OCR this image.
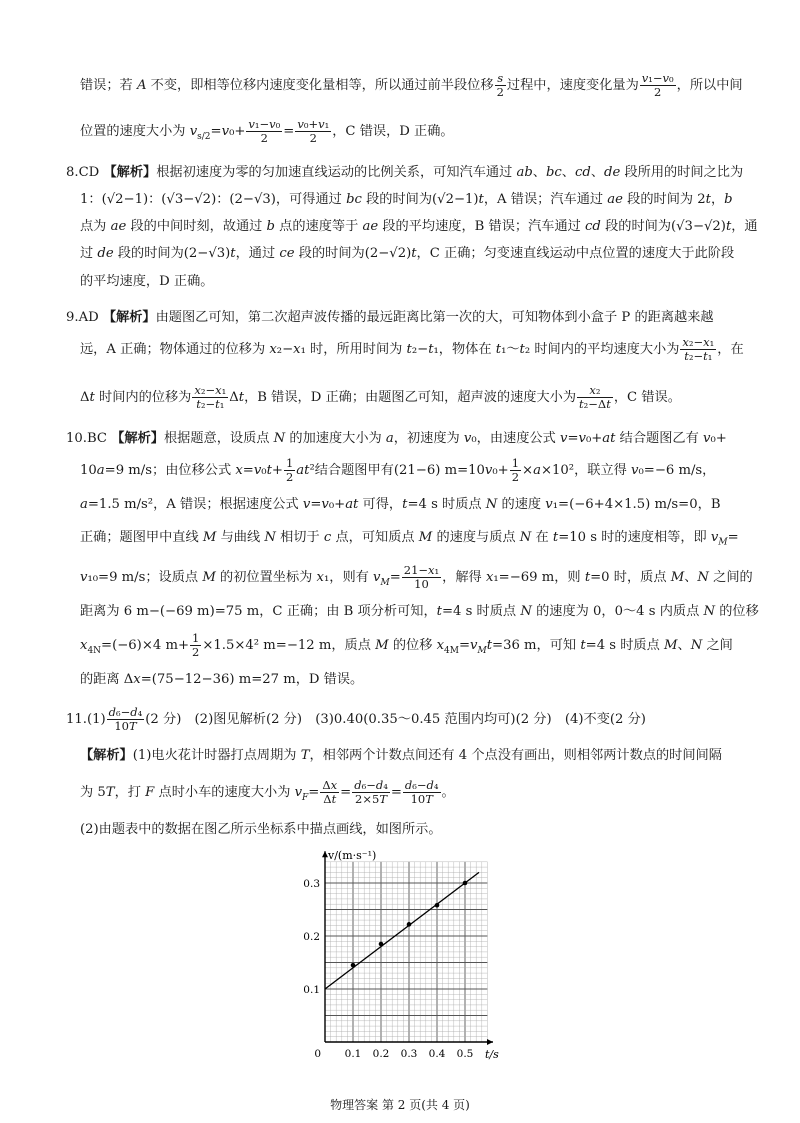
错误；若 A 不变，即相等位移内速度变化量相等，所以通过前半段位移 $\frac{s}{2}$ 过程中，速度变化量为 $\frac{\text{v₁−v₀}}{2}$ ，所以中间
位置的速度大小为 $v_{s/2}=v_0+ \frac{\text{v₁−v₀}}{2} = \frac{\text{v₀+v₁}}{2}$ ，C 错误，D 正确。
8.CD 【解析】根据初速度为零的匀加速直线运动的比例关系，可知汽车通过 ab、bc、cd、de 段所用的时间之比为
1：(√2−1)：(√3−√2)：(2−√3)，可得通过 bc 段的时间为(√2−1)t，A 错误；汽车通过 ae 段的时间为 2t，b
点为 ae 段的中间时刻，故通过 b 点的速度等于 ae 段的平均速度，B 错误；汽车通过 cd 段的时间为(√3−√2)t，通
过 de 段的时间为(2−√3)t，通过 ce 段的时间为(2−√2)t，C 正确；匀变速直线运动中点位置的速度大于此阶段
的平均速度，D 正确。
9.AD 【解析】由题图乙可知，第二次超声波传播的最远距离比第一次的大，可知物体到小盒子 P 的距离越来越
远，A 正确；物体通过的位移为 x₂−x₁ 时，所用时间为 t₂−t₁，物体在 t₁～t₂ 时间内的平均速度大小为 $\frac{\text{x₂−x₁}}{\text{t₂−t₁}}$ ，在
Δt 时间内的位移为 $\frac{\text{x₂−x₁}}{\text{t₂−t₁}}$ Δt，B 错误，D 正确；由题图乙可知，超声波的速度大小为 $\frac{\text{x₂}}{\text{t₂−Δt}}$ ，C 错误。
10.BC 【解析】根据题意，设质点 N 的加速度大小为 a，初速度为 v₀，由速度公式 v=v₀+at 结合题图乙有 v₀+
10a=9 m/s；由位移公式 $x=v_0t+ \frac{1}{2} at^2$结合题图甲有(21−6) $m=10v_0+ \frac{1}{2} \times a\times 10^2$，联立得 v₀=−6 m/s，
a=1.5 m/s²，A 错误；根据速度公式 v=v₀+at 可得，t=4 s 时质点 N 的速度 v₁=(−6+4×1.5) m/s=0，B
正确；题图甲中直线 M 与曲线 N 相切于 c 点，可知质点 M 的速度与质点 N 在 t=10 s 时的速度相等，即 $v_M=$
v₁₀=9 m/s；设质点 M 的初位置坐标为 x₁，则有 $v_M= \frac{\text{21−x₁}}{10}$ ，解得 x₁=−69 m，则 t=0 时，质点 M、N 之间的
距离为 6 m−(−69 m)=75 m，C 正确；由 B 项分析可知，t=4 s 时质点 N 的速度为 0，0～4 s 内质点 N 的位移
$x_{4N}=(-6)\times 4$ $m+ \frac{1}{2} \times 1.5\times 4^2$ m=−12 m，质点 M 的位移 $x_{4M}=v_Mt=36$ m，可知 t=4 s 时质点 M、N 之间
的距离 Δx=(75−12−36) m=27 m，D 错误。
$11.(1) \frac{\text{d₆−d₄}}{10T} (2$ 分)　(2)图见解析(2 分)　(3)0.40(0.35～0.45 范围内均可)(2 分)　(4)不变(2 分)
【解析】(1)电火花计时器打点周期为 T，相邻两个计数点间还有 4 个点没有画出，则相邻两计数点的时间间隔
为 5T，打 F 点时小车的速度大小为 $v_F= \frac{\Delta x}{\Delta t} = \frac{\text{d₆−d₄}}{2\times 5T} = \frac{\text{d₆−d₄}}{10T}$ 。
(2)由题表中的数据在图乙所示坐标系中描点画线，如图所示。
0.1 0.2 0.3 0.4 0.5
0.1
0.2
0.3
0	t/s
v/(m·s⁻¹)
物理答案 第 2 页(共 4 页)
